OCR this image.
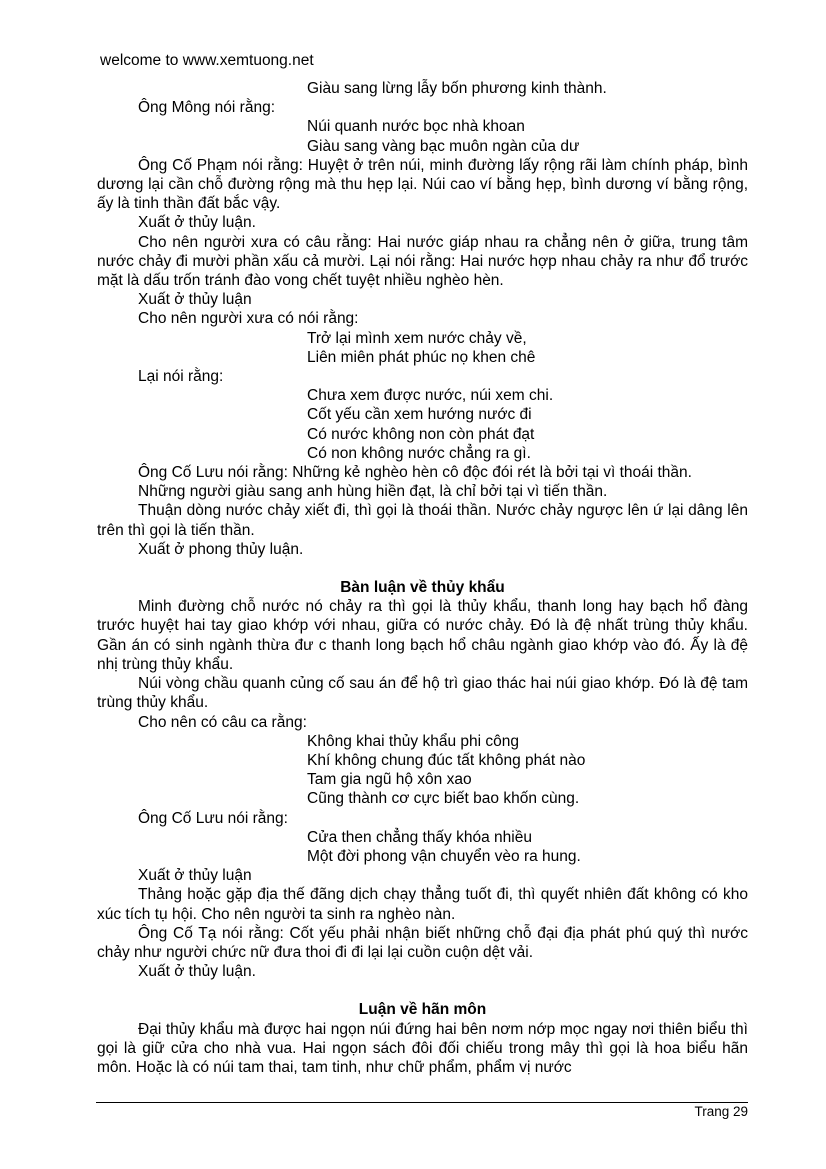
welcome to www.xemtuong.net

Giàu sang lừng lẫy bốn phương kinh thành.

Ông Mông nói rằng:

Núi quanh nước bọc nhà khoan

Giàu sang vàng bạc muôn ngàn của dư

Ông Cố Phạm nói rằng: Huyệt ở trên núi, minh đường lấy rộng rãi làm chính pháp, bình dương lại cần chỗ đường rộng mà thu hẹp lại. Núi cao ví bằng hẹp, bình dương ví bằng rộng, ấy là tinh thần đất bắc vậy.

Xuất ở thủy luận.

Cho nên người xưa có câu rằng: Hai nước giáp nhau ra chẳng nên ở giữa, trung tâm nước chảy đi mười phần xấu cả mười. Lại nói rằng: Hai nước hợp nhau chảy ra như đổ trước mặt là dấu trốn tránh đào vong chết tuyệt nhiều nghèo hèn.

Xuất ở thủy luận

Cho nên người xưa có nói rằng:

Trở lại mình xem nước chảy về,

Liên miên phát phúc nọ khen chê

Lại nói rằng:

Chưa xem được nước, núi xem chi.

Cốt yếu cần xem hướng nước đi

Có nước không non còn phát đạt

Có non không nước chẳng ra gì.

Ông Cố Lưu nói rằng: Những kẻ nghèo hèn cô độc đói rét là bởi tại vì thoái thần.

Những người giàu sang anh hùng hiền đạt, là chỉ bởi tại vì tiến thần.

Thuận dòng nước chảy xiết đi, thì gọi là thoái thần. Nước chảy ngược lên ứ lại dâng lên trên thì gọi là tiến thần.

Xuất ở phong thủy luận.

Bàn luận về thủy khẩu

Minh đường chỗ nước nó chảy ra thì gọi là thủy khẩu, thanh long hay bạch hổ đàng trước huyệt hai tay giao khớp với nhau, giữa có nước chảy. Đó là đệ nhất trùng thủy khẩu. Gần án có sinh ngành thừa đư c thanh long bạch hổ châu ngành giao khớp vào đó. Ấy là đệ nhị trùng thủy khẩu.

Núi vòng chầu quanh củng cố sau án để hộ trì giao thác hai núi giao khớp. Đó là đệ tam trùng thủy khẩu.

Cho nên có câu ca rằng:

Không khai thủy khẩu phi công

Khí không chung đúc tất không phát nào

Tam gia ngũ hộ xôn xao

Cũng thành cơ cực biết bao khốn cùng.

Ông Cố Lưu nói rằng:

Cửa then chẳng thấy khóa nhiều

Một đời phong vận chuyển vèo ra hung.

Xuất ở thủy luận

Thảng hoặc gặp địa thế đãng dịch chạy thẳng tuốt đi, thì quyết nhiên đất không có kho xúc tích tụ hội. Cho nên người ta sinh ra nghèo nàn.

Ông Cố Tạ nói rằng: Cốt yếu phải nhận biết những chỗ đại địa phát phú quý thì nước chảy như người chức nữ đưa thoi đi đi lại lại cuồn cuộn dệt vải.

Xuất ở thủy luận.

Luận về hãn môn

Đại thủy khẩu mà được hai ngọn núi đứng hai bên nơm nớp mọc ngay nơi thiên biểu thì gọi là giữ cửa cho nhà vua. Hai ngọn sách đôi đối chiếu trong mây thì gọi là hoa biểu hãn môn. Hoặc là có núi tam thai, tam tinh, như chữ phẩm, phẩm vị nước

Trang 29
